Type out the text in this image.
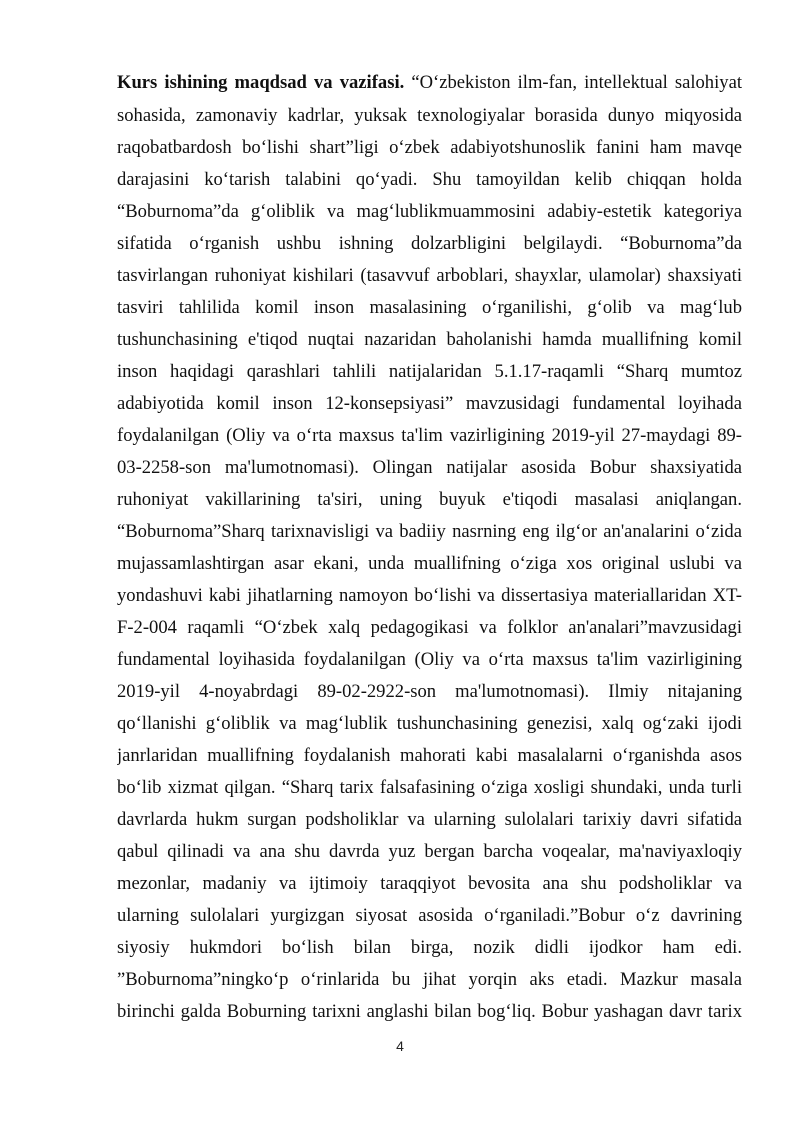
Kurs ishining maqdsad va vazifasi. “O‘zbekiston ilm-fan, intellektual salohiyat
sohasida, zamonaviy kadrlar, yuksak texnologiyalar borasida dunyo miqyosida
raqobatbardosh bo‘lishi shart”ligi o‘zbek adabiyotshunoslik fanini ham mavqe
darajasini ko‘tarish talabini qo‘yadi. Shu tamoyildan kelib chiqqan holda
“Boburnoma”da g‘oliblik va mag‘lublikmuammosini adabiy-estetik kategoriya
sifatida o‘rganish ushbu ishning dolzarbligini belgilaydi. “Boburnoma”da
tasvirlangan ruhoniyat kishilari (tasavvuf arboblari, shayxlar, ulamolar) shaxsiyati
tasviri tahlilida komil inson masalasining o‘rganilishi, g‘olib va mag‘lub
tushunchasining e'tiqod nuqtai nazaridan baholanishi hamda muallifning komil
inson haqidagi qarashlari tahlili natijalaridan 5.1.17-raqamli “Sharq mumtoz
adabiyotida komil inson 12-konsepsiyasi” mavzusidagi fundamental loyihada
foydalanilgan (Oliy va o‘rta maxsus ta'lim vazirligining 2019-yil 27-maydagi 89-
03-2258-son ma'lumotnomasi). Olingan natijalar asosida Bobur shaxsiyatida
ruhoniyat vakillarining ta'siri, uning buyuk e'tiqodi masalasi aniqlangan.
“Boburnoma”Sharq tarixnavisligi va badiiy nasrning eng ilg‘or an'analarini o‘zida
mujassamlashtirgan asar ekani, unda muallifning o‘ziga xos original uslubi va
yondashuvi kabi jihatlarning namoyon bo‘lishi va dissertasiya materiallaridan XT-
F-2-004 raqamli “O‘zbek xalq pedagogikasi va folklor an'analari”mavzusidagi
fundamental loyihasida foydalanilgan (Oliy va o‘rta maxsus ta'lim vazirligining
2019-yil 4-noyabrdagi 89-02-2922-son ma'lumotnomasi). Ilmiy nitajaning
qo‘llanishi g‘oliblik va mag‘lublik tushunchasining genezisi, xalq og‘zaki ijodi
janrlaridan muallifning foydalanish mahorati kabi masalalarni o‘rganishda asos
bo‘lib xizmat qilgan. “Sharq tarix falsafasining o‘ziga xosligi shundaki, unda turli
davrlarda hukm surgan podsholiklar va ularning sulolalari tarixiy davri sifatida
qabul qilinadi va ana shu davrda yuz bergan barcha voqealar, ma'naviyaxloqiy
mezonlar, madaniy va ijtimoiy taraqqiyot bevosita ana shu podsholiklar va
ularning sulolalari yurgizgan siyosat asosida o‘rganiladi.”Bobur o‘z davrining
siyosiy hukmdori bo‘lish bilan birga, nozik didli ijodkor ham edi.
”Boburnoma”ningko‘p o‘rinlarida bu jihat yorqin aks etadi. Mazkur masala
birinchi galda Boburning tarixni anglashi bilan bog‘liq. Bobur yashagan davr tarix
4
